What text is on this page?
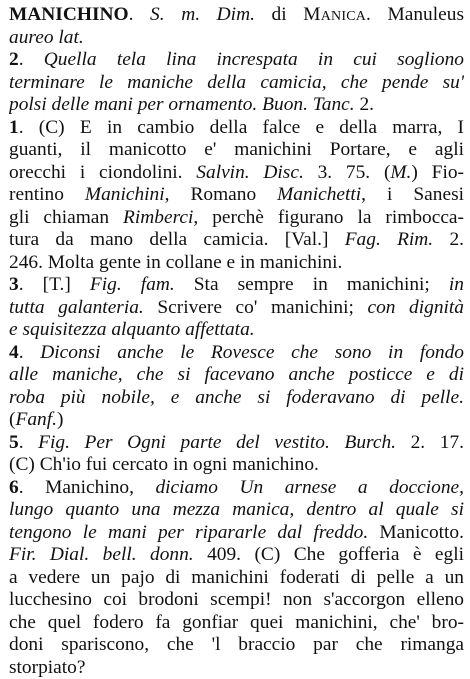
MANICHINO. S. m. Dim. di Manica. Manuleus
aureo lat.
2. Quella tela lina increspata in cui sogliono
terminare le maniche della camicia, che pende su'
polsi delle mani per ornamento. Buon. Tanc. 2.
1. (C) E in cambio della falce e della marra, I
guanti, il manicotto e' manichini Portare, e agli
orecchi i ciondolini. Salvin. Disc. 3. 75. (M.) Fio-
rentino Manichini, Romano Manichetti, i Sanesi
gli chiaman Rimberci, perchè figurano la rimbocca-
tura da mano della camicia. [Val.] Fag. Rim. 2.
246. Molta gente in collane e in manichini.
3. [T.] Fig. fam. Sta sempre in manichini; in
tutta galanteria. Scrivere co' manichini; con dignità
e squisitezza alquanto affettata.
4. Diconsi anche le Rovesce che sono in fondo
alle maniche, che si facevano anche posticce e di
roba più nobile, e anche si foderavano di pelle.
(Fanf.)
5. Fig. Per Ogni parte del vestito. Burch. 2. 17.
(C) Ch'io fui cercato in ogni manichino.
6. Manichino, diciamo Un arnese a doccione,
lungo quanto una mezza manica, dentro al quale si
tengono le mani per ripararle dal freddo. Manicotto.
Fir. Dial. bell. donn. 409. (C) Che gofferia è egli
a vedere un pajo di manichini foderati di pelle a un
lucchesino coi brodoni scempi! non s'accorgon elleno
che quel fodero fa gonfiar quei manichini, che' bro-
doni spariscono, che 'l braccio par che rimanga
storpiato?
